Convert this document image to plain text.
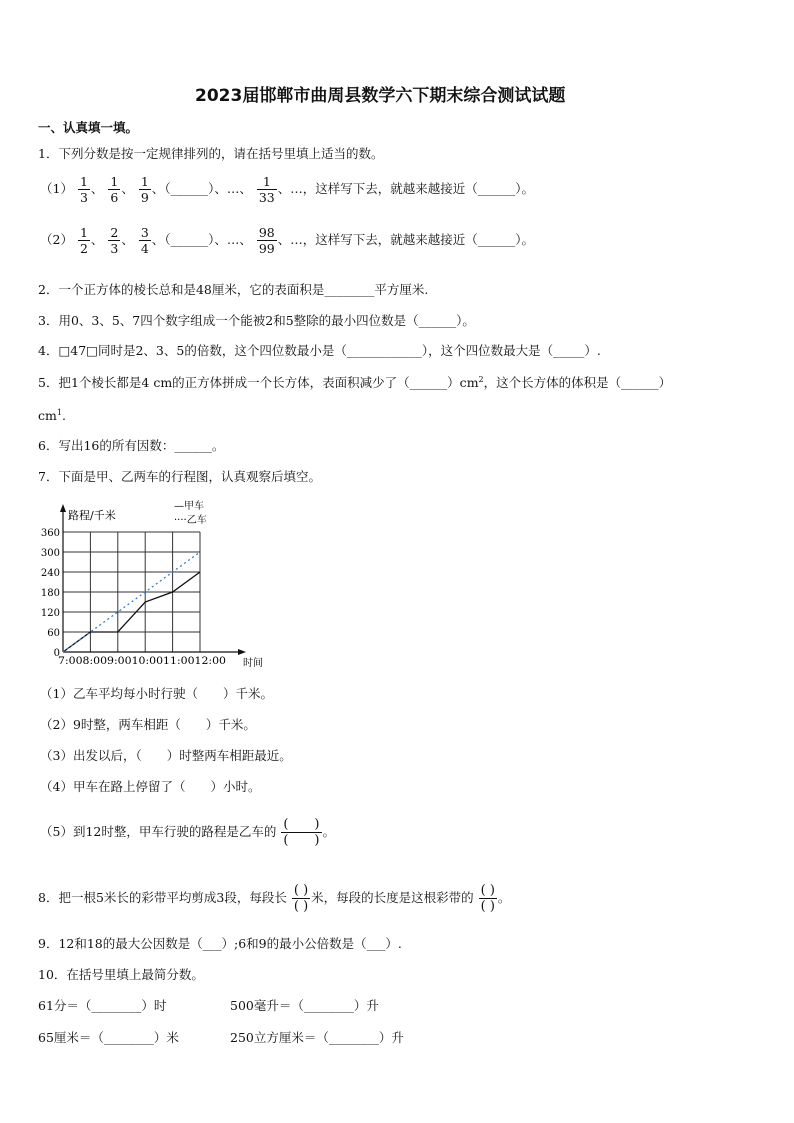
2023届邯郸市曲周县数学六下期末综合测试试题
一、认真填一填。
1．下列分数是按一定规律排列的，请在括号里填上适当的数。
$(1) \frac{1}{3}$ 、 $\frac{1}{6}$ 、 $\frac{1}{9}$ 、（______）、…、 $\frac{1}{33}$ 、…，这样写下去，就越来越接近（______）。
$(2) \frac{1}{2}$ 、 $\frac{2}{3}$ 、 $\frac{3}{4}$ 、（______）、…、 $\frac{98}{99}$ 、…，这样写下去，就越来越接近（______）。
2．一个正方体的棱长总和是48厘米，它的表面积是________平方厘米.
3．用0、3、5、7四个数字组成一个能被2和5整除的最小四位数是（______）。
4．□47□同时是2、3、5的倍数，这个四位数最小是（____________），这个四位数最大是（_____）.
5．把1个棱长都是4 cm的正方体拼成一个长方体，表面积减少了$(\_\_\_\_\_\_)cm^2$，这个长方体的体积是（______）
$cm^1$.
6．写出16的所有因数：______。
7．下面是甲、乙两车的行程图，认真观察后填空。
路程/千米
时间
7:008:009:0010:0011:0012:00
—甲车
····乙车
0
60
120
180
240
300
360
（1）乙车平均每小时行驶（　　）千米。
（2）9时整，两车相距（　　）千米。
（3）出发以后，（　　）时整两车相距最近。
（4）甲车在路上停留了（　　）小时。
（5）到12时整，甲车行驶的路程是乙车的 $\frac{( )}{( )}$ 。
8．把一根5米长的彩带平均剪成3段，每段长 $\frac{( )}{( )}$ 米，每段的长度是这根彩带的 $\frac{( )}{( )}$ 。
9．12和18的最大公因数是（___）;6和9的最小公倍数是（___）.
10．在括号里填上最简分数。
61分＝（________）时	500毫升＝（________）升
65厘米＝（________）米	250立方厘米＝（________）升
